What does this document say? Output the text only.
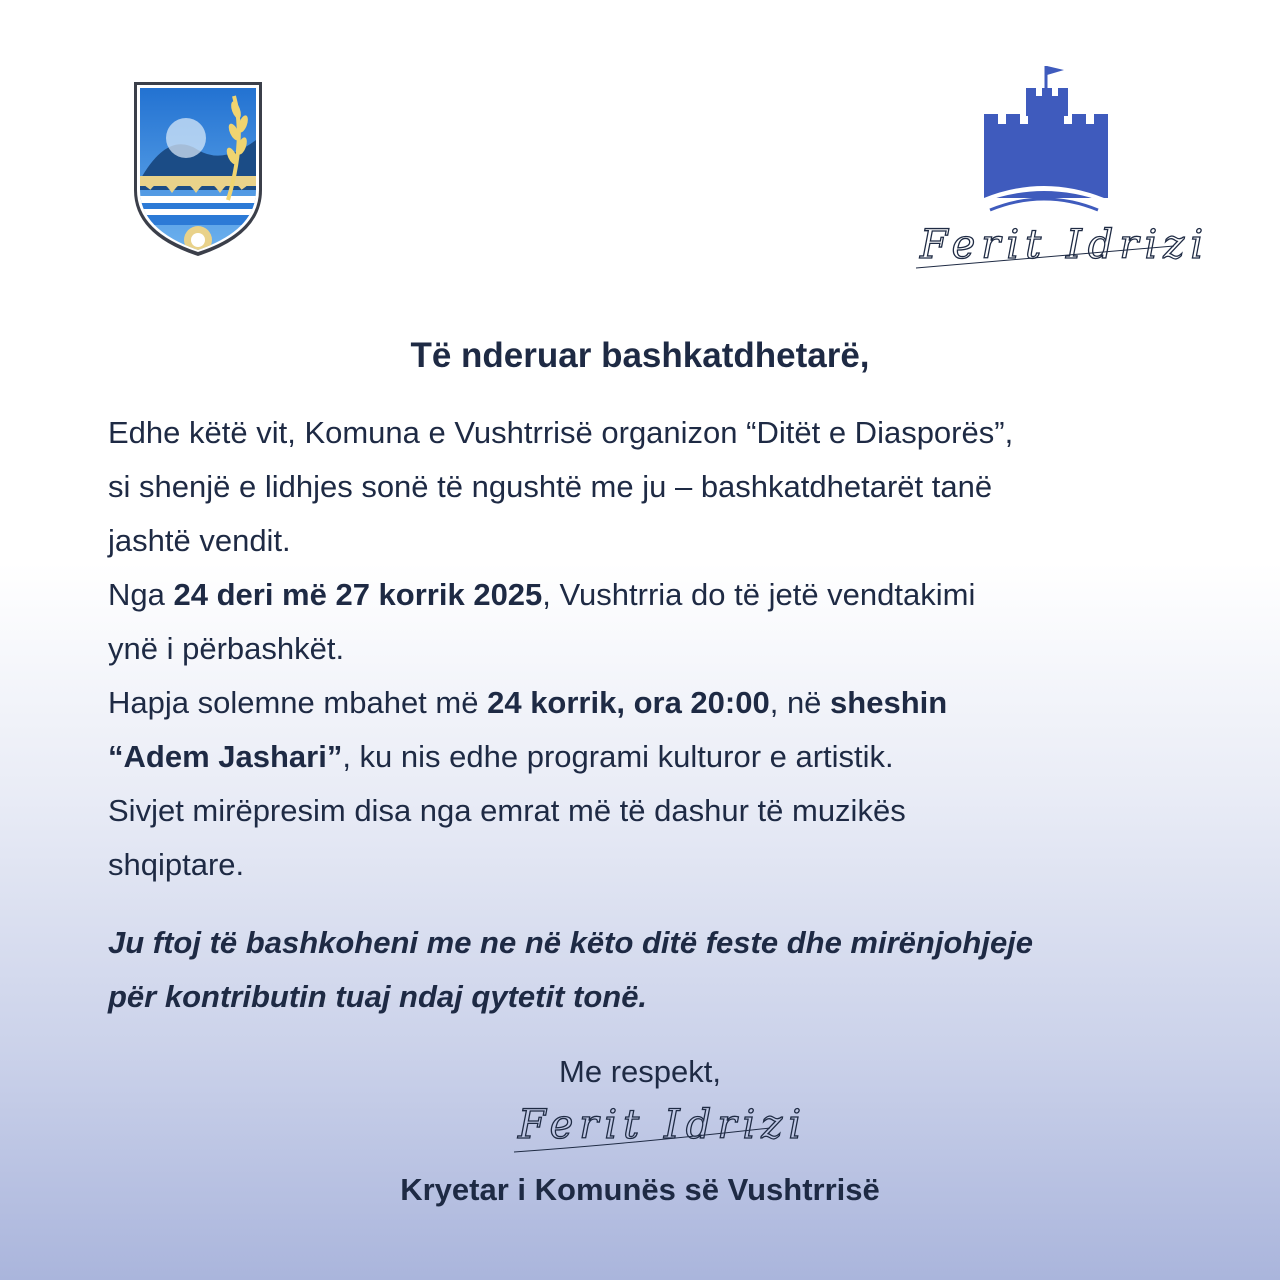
Ferit Idrizi
Të nderuar bashkatdhetarë,
Edhe këtë vit, Komuna e Vushtrrisë organizon “Ditët e Diasporës”,
si shenjë e lidhjes sonë të ngushtë me ju – bashkatdhetarët tanë
jashtë vendit.
Nga 24 deri më 27 korrik 2025, Vushtrria do të jetë vendtakimi
ynë i përbashkët.
Hapja solemne mbahet më 24 korrik, ora 20:00, në sheshin
“Adem Jashari”, ku nis edhe programi kulturor e artistik.
Sivjet mirëpresim disa nga emrat më të dashur të muzikës
shqiptare.
Ju ftoj të bashkoheni me ne në këto ditë feste dhe mirënjohjeje
për kontributin tuaj ndaj qytetit tonë.
Me respekt,
Ferit Idrizi
Kryetar i Komunës së Vushtrrisë
